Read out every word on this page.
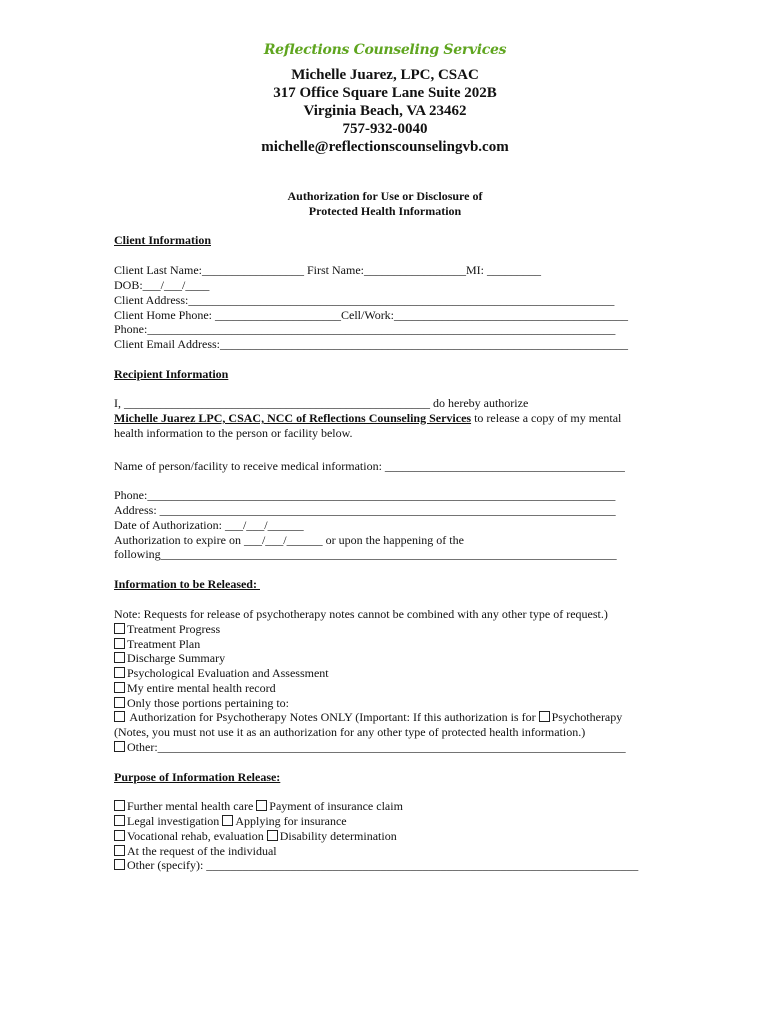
Reflections Counseling Services
Michelle Juarez, LPC, CSAC
317 Office Square Lane Suite 202B
Virginia Beach, VA 23462
757-932-0040
michelle@reflectionscounselingvb.com
Authorization for Use or Disclosure of
Protected Health Information
Client Information
Client Last Name:_________________ First Name:_________________MI: _________
DOB:___/___/____
Client Address:_______________________________________________________________________
Client Home Phone: _____________________Cell/Work:_______________________________________
Phone:______________________________________________________________________________
Client Email Address:____________________________________________________________________
Recipient Information
I, ___________________________________________________ do hereby authorize
Michelle Juarez LPC, CSAC, NCC of Reflections Counseling Services to release a copy of my mental
health information to the person or facility below.
Name of person/facility to receive medical information: ________________________________________
Phone:______________________________________________________________________________
Address: ____________________________________________________________________________
Date of Authorization: ___/___/______
Authorization to expire on ___/___/______ or upon the happening of the
following____________________________________________________________________________
Information to be Released:
Note: Requests for release of psychotherapy notes cannot be combined with any other type of request.)
Treatment Progress
Treatment Plan
Discharge Summary
Psychological Evaluation and Assessment
My entire mental health record
Only those portions pertaining to:
Authorization for Psychotherapy Notes ONLY (Important: If this authorization is for Psychotherapy
(Notes, you must not use it as an authorization for any other type of protected health information.)
Other:______________________________________________________________________________
Purpose of Information Release:
Further mental health care Payment of insurance claim
Legal investigation Applying for insurance
Vocational rehab, evaluation Disability determination
At the request of the individual
Other (specify): ________________________________________________________________________
